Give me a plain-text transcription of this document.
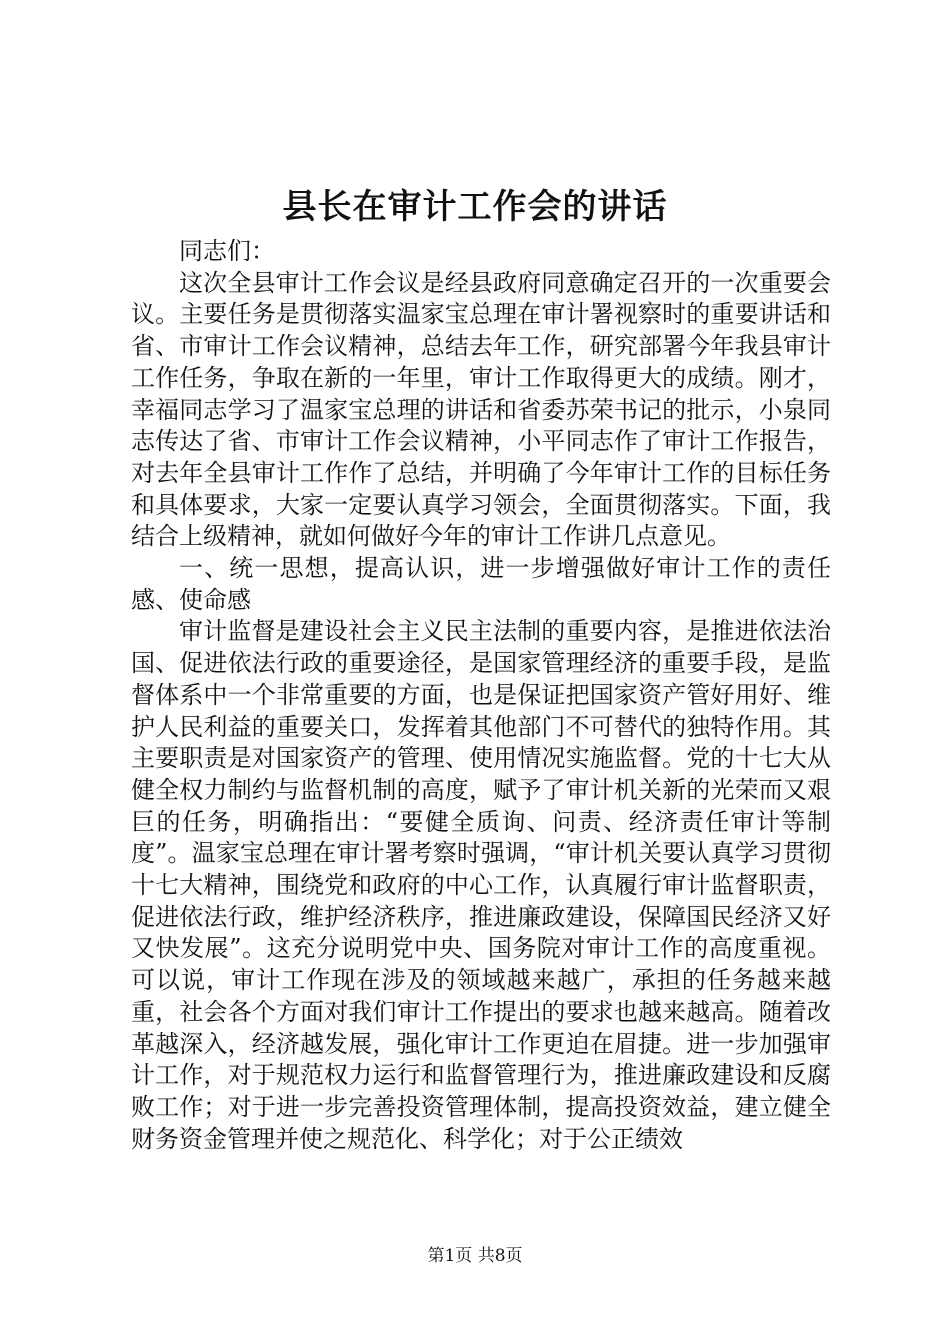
县长在审计工作会的讲话

同志们：

这次全县审计工作会议是经县政府同意确定召开的一次重要会议。主要任务是贯彻落实温家宝总理在审计署视察时的重要讲话和省、市审计工作会议精神，总结去年工作，研究部署今年我县审计工作任务，争取在新的一年里，审计工作取得更大的成绩。刚才，幸福同志学习了温家宝总理的讲话和省委苏荣书记的批示，小泉同志传达了省、市审计工作会议精神，小平同志作了审计工作报告，对去年全县审计工作作了总结，并明确了今年审计工作的目标任务和具体要求，大家一定要认真学习领会，全面贯彻落实。下面，我结合上级精神，就如何做好今年的审计工作讲几点意见。

一、统一思想，提高认识，进一步增强做好审计工作的责任感、使命感

审计监督是建设社会主义民主法制的重要内容，是推进依法治国、促进依法行政的重要途径，是国家管理经济的重要手段，是监督体系中一个非常重要的方面，也是保证把国家资产管好用好、维护人民利益的重要关口，发挥着其他部门不可替代的独特作用。其主要职责是对国家资产的管理、使用情况实施监督。党的十七大从健全权力制约与监督机制的高度，赋予了审计机关新的光荣而又艰巨的任务，明确指出：“要健全质询、问责、经济责任审计等制度”。温家宝总理在审计署考察时强调，“审计机关要认真学习贯彻十七大精神，围绕党和政府的中心工作，认真履行审计监督职责，促进依法行政，维护经济秩序，推进廉政建设，保障国民经济又好又快发展”。这充分说明党中央、国务院对审计工作的高度重视。可以说，审计工作现在涉及的领域越来越广，承担的任务越来越重，社会各个方面对我们审计工作提出的要求也越来越高。随着改革越深入，经济越发展，强化审计工作更迫在眉捷。进一步加强审计工作，对于规范权力运行和监督管理行为，推进廉政建设和反腐败工作；对于进一步完善投资管理体制，提高投资效益，建立健全财务资金管理并使之规范化、科学化；对于公正绩效

第1页 共8页
